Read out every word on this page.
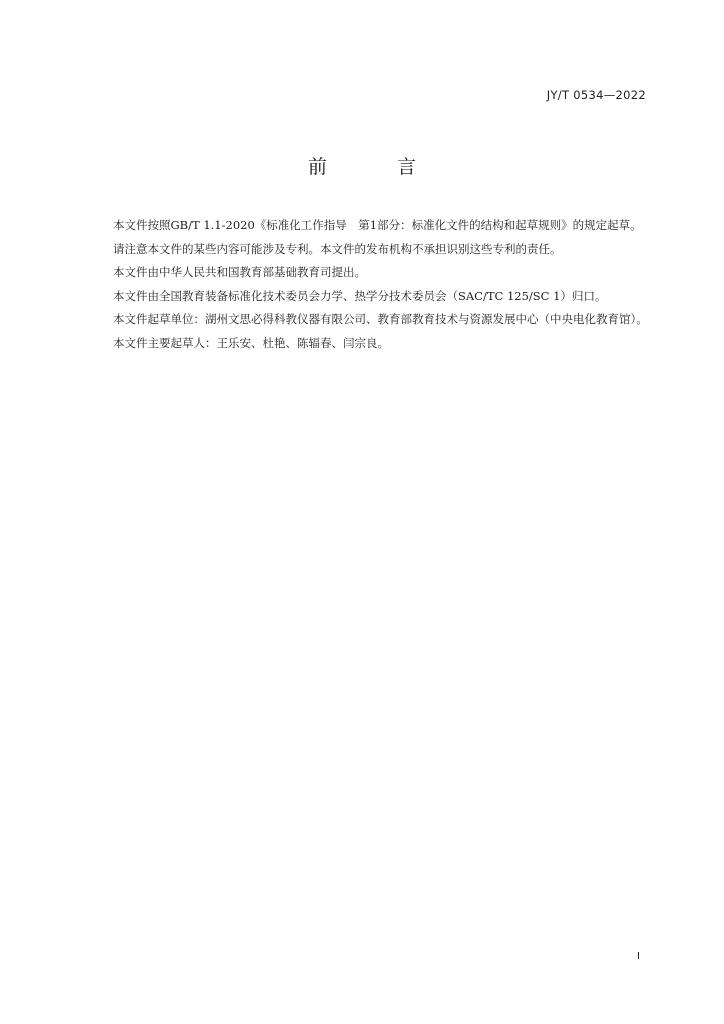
JY/T 0534—2022
前 言

本文件按照GB/T 1.1-2020《标准化工作指导　第1部分：标准化文件的结构和起草规则》的规定起草。

请注意本文件的某些内容可能涉及专利。本文件的发布机构不承担识别这些专利的责任。

本文件由中华人民共和国教育部基础教育司提出。

本文件由全国教育装备标准化技术委员会力学、热学分技术委员会（SAC/TC 125/SC 1）归口。

本文件起草单位：湖州文思必得科教仪器有限公司、教育部教育技术与资源发展中心（中央电化教育馆）。

本文件主要起草人：王乐安、杜艳、陈辐春、闫宗良。

I
